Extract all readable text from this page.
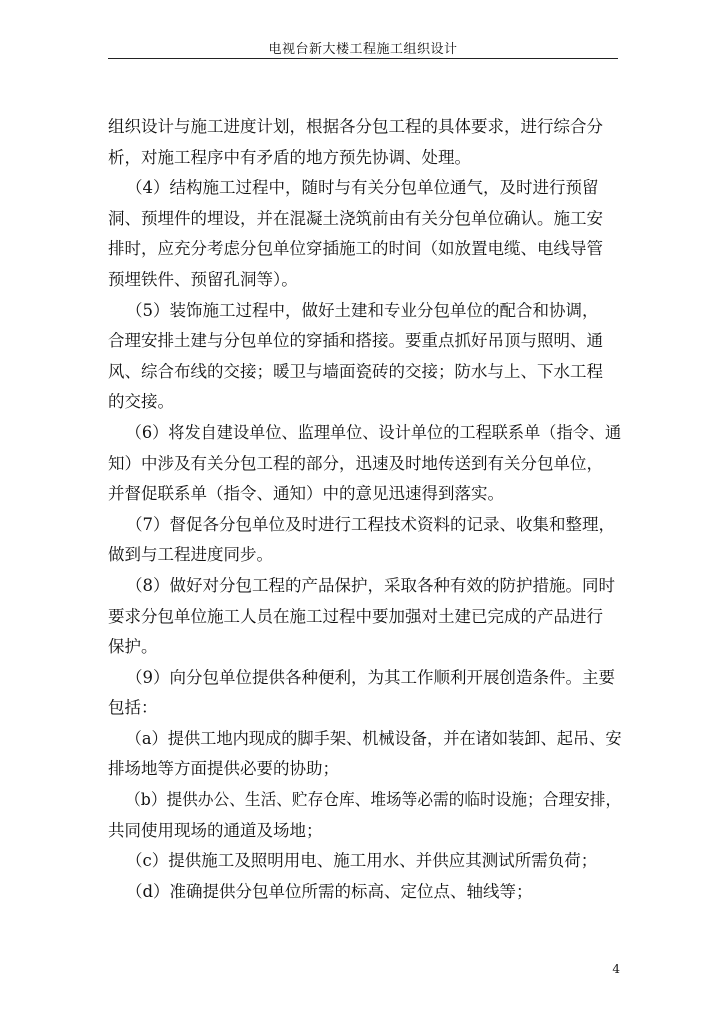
电视台新大楼工程施工组织设计
组织设计与施工进度计划，根据各分包工程的具体要求，进行综合分
析，对施工程序中有矛盾的地方预先协调、处理。
（4）结构施工过程中，随时与有关分包单位通气，及时进行预留
洞、预埋件的埋设，并在混凝土浇筑前由有关分包单位确认。施工安
排时，应充分考虑分包单位穿插施工的时间（如放置电缆、电线导管
预埋铁件、预留孔洞等）。
（5）装饰施工过程中，做好土建和专业分包单位的配合和协调，
合理安排土建与分包单位的穿插和搭接。要重点抓好吊顶与照明、通
风、综合布线的交接；暖卫与墙面瓷砖的交接；防水与上、下水工程
的交接。
（6）将发自建设单位、监理单位、设计单位的工程联系单（指令、通
知）中涉及有关分包工程的部分，迅速及时地传送到有关分包单位，
并督促联系单（指令、通知）中的意见迅速得到落实。
（7）督促各分包单位及时进行工程技术资料的记录、收集和整理，
做到与工程进度同步。
（8）做好对分包工程的产品保护，采取各种有效的防护措施。同时
要求分包单位施工人员在施工过程中要加强对土建已完成的产品进行
保护。
（9）向分包单位提供各种便利，为其工作顺利开展创造条件。主要
包括：
（a）提供工地内现成的脚手架、机械设备，并在诸如装卸、起吊、安
排场地等方面提供必要的协助；
（b）提供办公、生活、贮存仓库、堆场等必需的临时设施；合理安排，
共同使用现场的通道及场地；
（c）提供施工及照明用电、施工用水、并供应其测试所需负荷；
（d）准确提供分包单位所需的标高、定位点、轴线等；
4
